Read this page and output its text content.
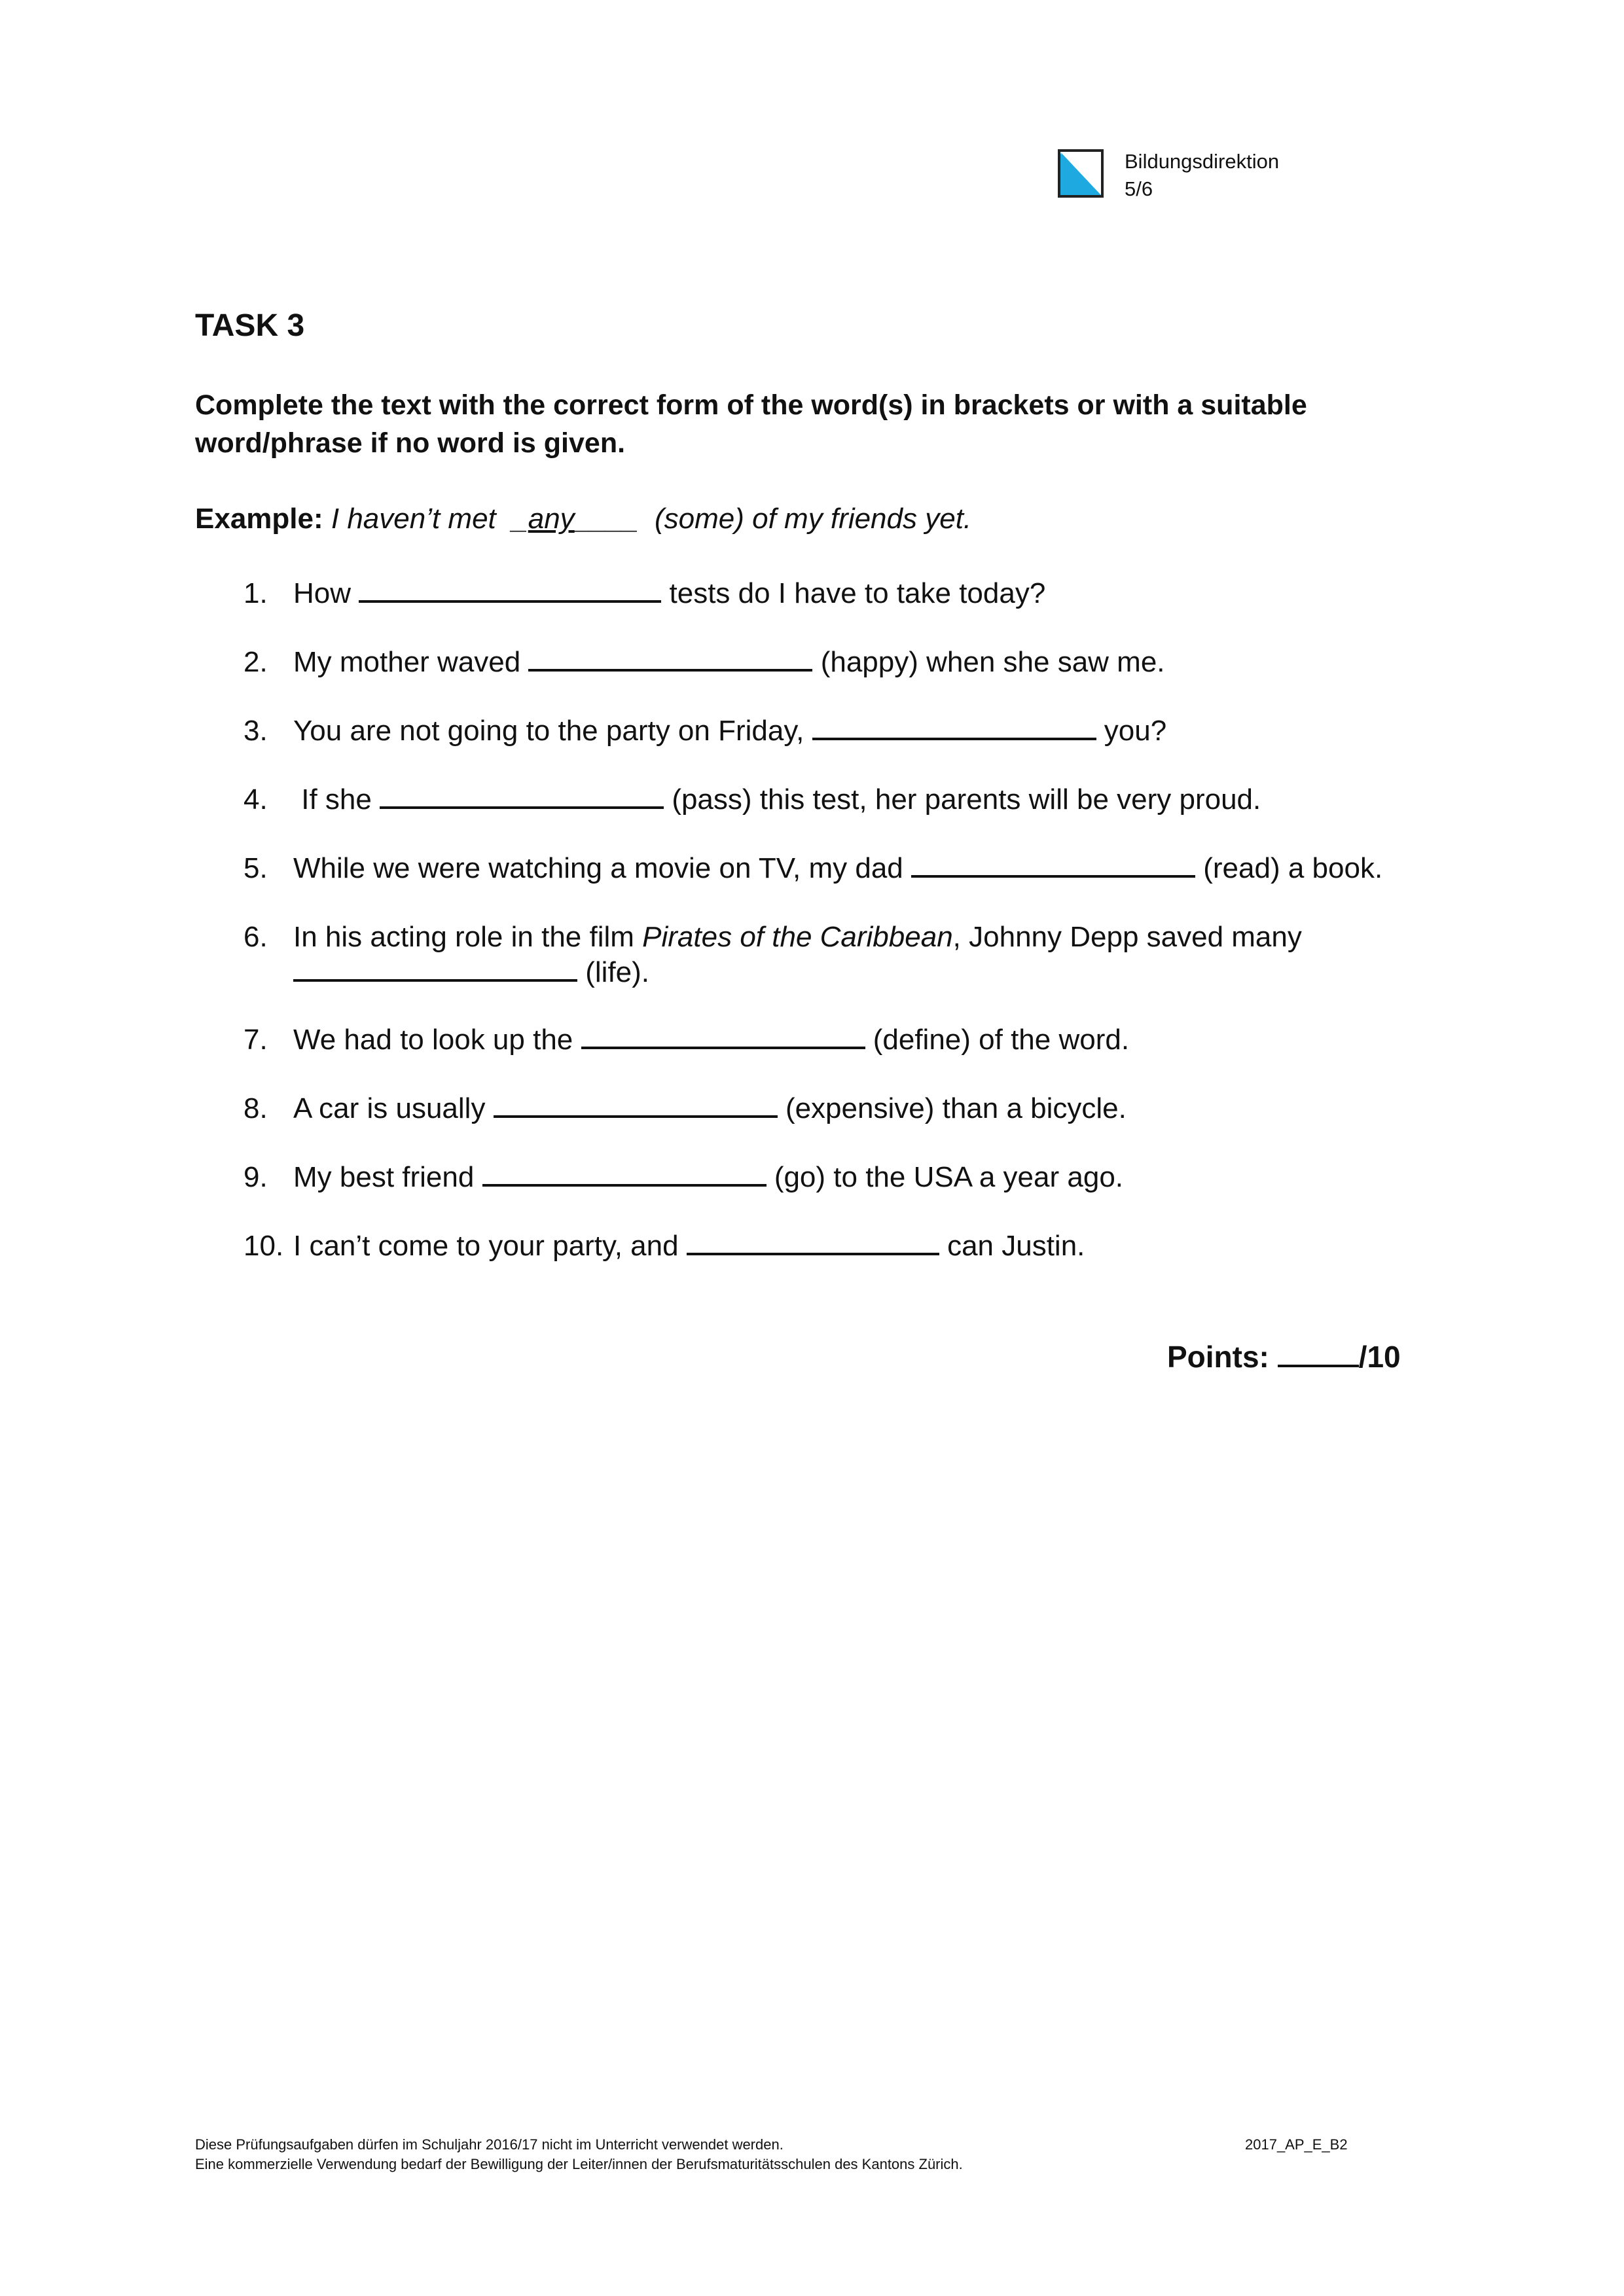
Bildungsdirektion
5/6
TASK 3
Complete the text with the correct form of the word(s) in brackets or with a suitable word/phrase if no word is given.
Example: I haven’t met  _any____  (some) of my friends yet.
1. How	tests do I have to take today?
2. My mother waved	(happy) when she saw me.
3. You are not going to the party on Friday,	you?
4. If she	(pass) this test, her parents will be very proud.
5. While we were watching a movie on TV, my dad	(read) a book.
6. In his acting role in the film Pirates of the Caribbean, Johnny Depp saved many
(life).
7. We had to look up the	(define) of the word.
8. A car is usually	(expensive) than a bicycle.
9. My best friend	(go) to the USA a year ago.
10. I can’t come to your party, and	can Justin.
Points:	/10
Diese Prüfungsaufgaben dürfen im Schuljahr 2016/17 nicht im Unterricht verwendet werden.
Eine kommerzielle Verwendung bedarf der Bewilligung der Leiter/innen der Berufsmaturitätsschulen des Kantons Zürich.
2017_AP_E_B2
